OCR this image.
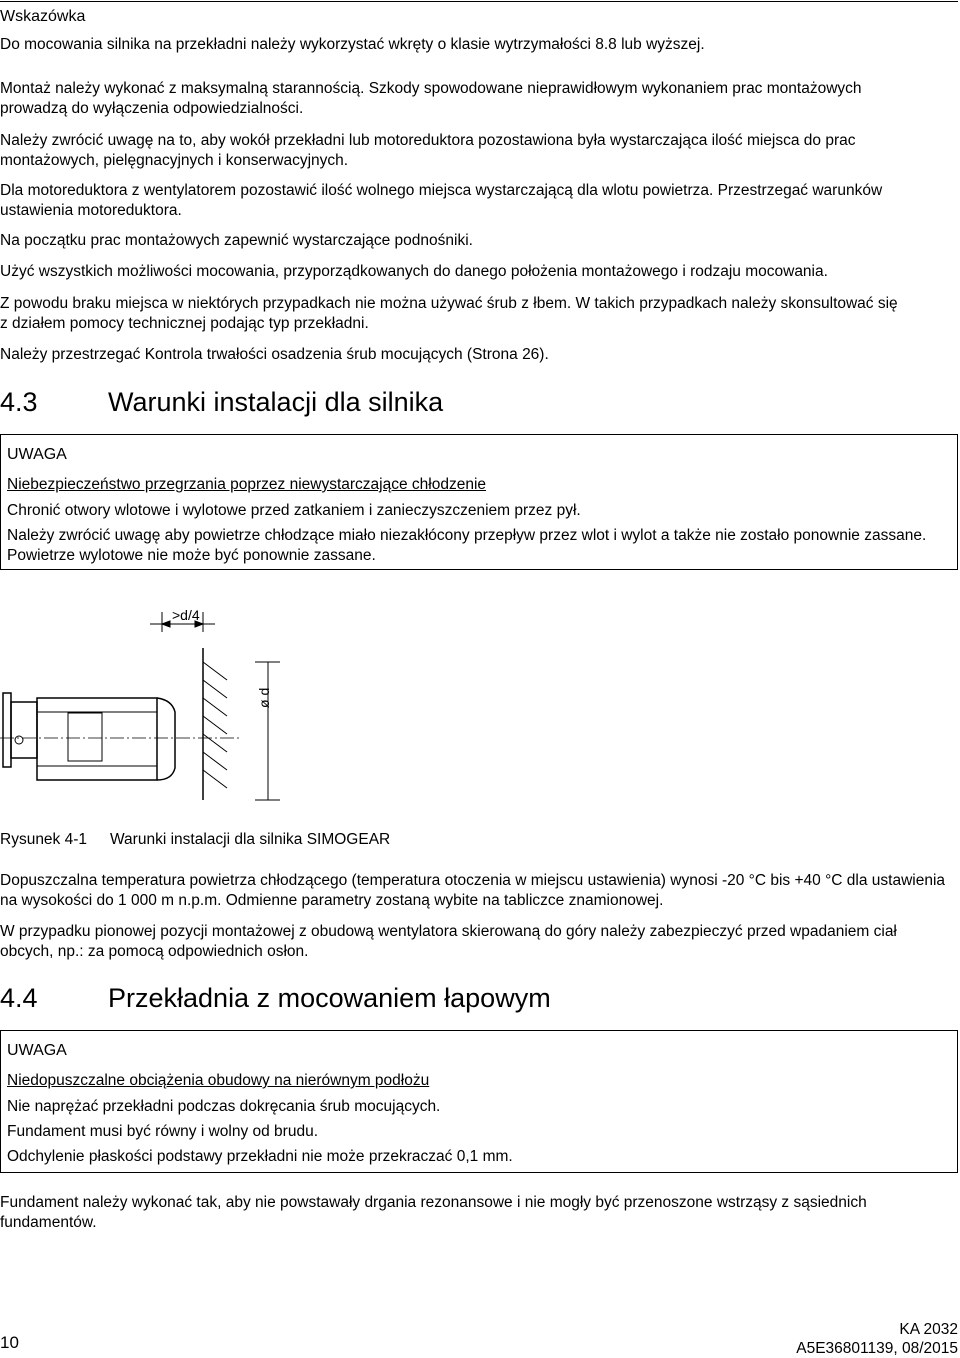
Wskazówka
Do mocowania silnika na przekładni należy wykorzystać wkręty o klasie wytrzymałości 8.8 lub wyższej.
Montaż należy wykonać z maksymalną starannością. Szkody spowodowane nieprawidłowym wykonaniem prac montażowych prowadzą do wyłączenia odpowiedzialności.
Należy zwrócić uwagę na to, aby wokół przekładni lub motoreduktora pozostawiona była wystarczająca ilość miejsca do prac montażowych, pielęgnacyjnych i konserwacyjnych.
Dla motoreduktora z wentylatorem pozostawić ilość wolnego miejsca wystarczającą dla wlotu powietrza. Przestrzegać warunków ustawienia motoreduktora.
Na początku prac montażowych zapewnić wystarczające podnośniki.
Użyć wszystkich możliwości mocowania, przyporządkowanych do danego położenia montażowego i rodzaju mocowania.
Z powodu braku miejsca w niektórych przypadkach nie można używać śrub z łbem. W takich przypadkach należy skonsultować się z działem pomocy technicznej podając typ przekładni.
Należy przestrzegać Kontrola trwałości osadzenia śrub mocujących (Strona 26).
4.3	Warunki instalacji dla silnika
UWAGA
Niebezpieczeństwo przegrzania poprzez niewystarczające chłodzenie
Chronić otwory wlotowe i wylotowe przed zatkaniem i zanieczyszczeniem przez pył.
Należy zwrócić uwagę aby powietrze chłodzące miało niezakłócony przepływ przez wlot i wylot a także nie zostało ponownie zassane. Powietrze wylotowe nie może być ponownie zassane.
>d/4
ø d
Rysunek 4-1 Warunki instalacji dla silnika SIMOGEAR
Dopuszczalna temperatura powietrza chłodzącego (temperatura otoczenia w miejscu ustawienia) wynosi -20 °C bis +40 °C dla ustawienia na wysokości do 1 000 m n.p.m. Odmienne parametry zostaną wybite na tabliczce znamionowej.
W przypadku pionowej pozycji montażowej z obudową wentylatora skierowaną do góry należy zabezpieczyć przed wpadaniem ciał obcych, np.: za pomocą odpowiednich osłon.
4.4	Przekładnia z mocowaniem łapowym
UWAGA
Niedopuszczalne obciążenia obudowy na nierównym podłożu
Nie naprężać przekładni podczas dokręcania śrub mocujących.
Fundament musi być równy i wolny od brudu.
Odchylenie płaskości podstawy przekładni nie może przekraczać 0,1 mm.
Fundament należy wykonać tak, aby nie powstawały drgania rezonansowe i nie mogły być przenoszone wstrząsy z sąsiednich fundamentów.
10
KA 2032
A5E36801139, 08/2015
